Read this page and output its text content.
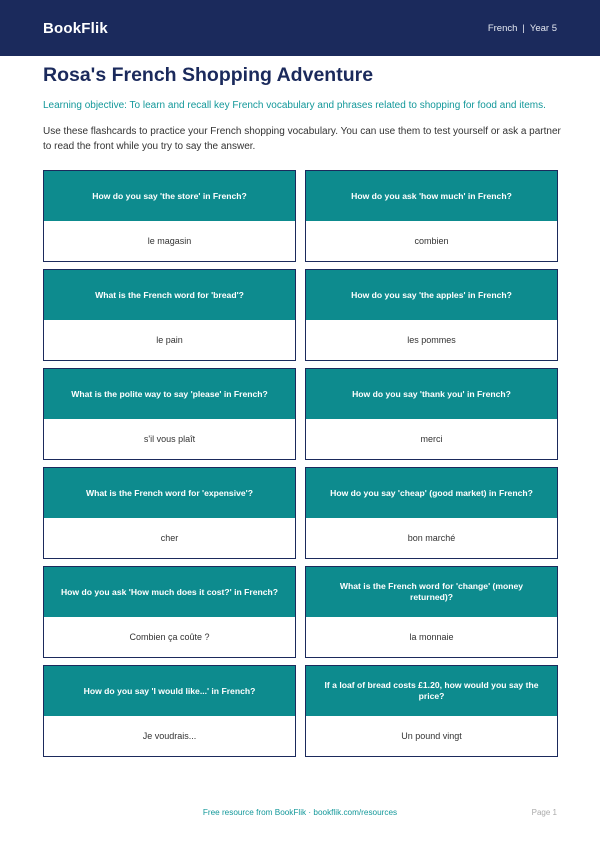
BookFlik	French | Year 5
Rosa's French Shopping Adventure

Learning objective: To learn and recall key French vocabulary and phrases related to shopping for food and items.

Use these flashcards to practice your French shopping vocabulary. You can use them to test yourself or ask a partner to read the front while you try to say the answer.

How do you say 'the store' in French?
le magasin
How do you ask 'how much' in French?
combien
What is the French word for 'bread'?
le pain
How do you say 'the apples' in French?
les pommes
What is the polite way to say 'please' in French?
s'il vous plaît
How do you say 'thank you' in French?
merci
What is the French word for 'expensive'?
cher
How do you say 'cheap' (good market) in French?
bon marché
How do you ask 'How much does it cost?' in French?
Combien ça coûte ?
What is the French word for 'change' (money returned)?
la monnaie
How do you say 'I would like...' in French?
Je voudrais...
If a loaf of bread costs £1.20, how would you say the price?
Un pound vingt
Free resource from BookFlik · bookflik.com/resources	Page 1
